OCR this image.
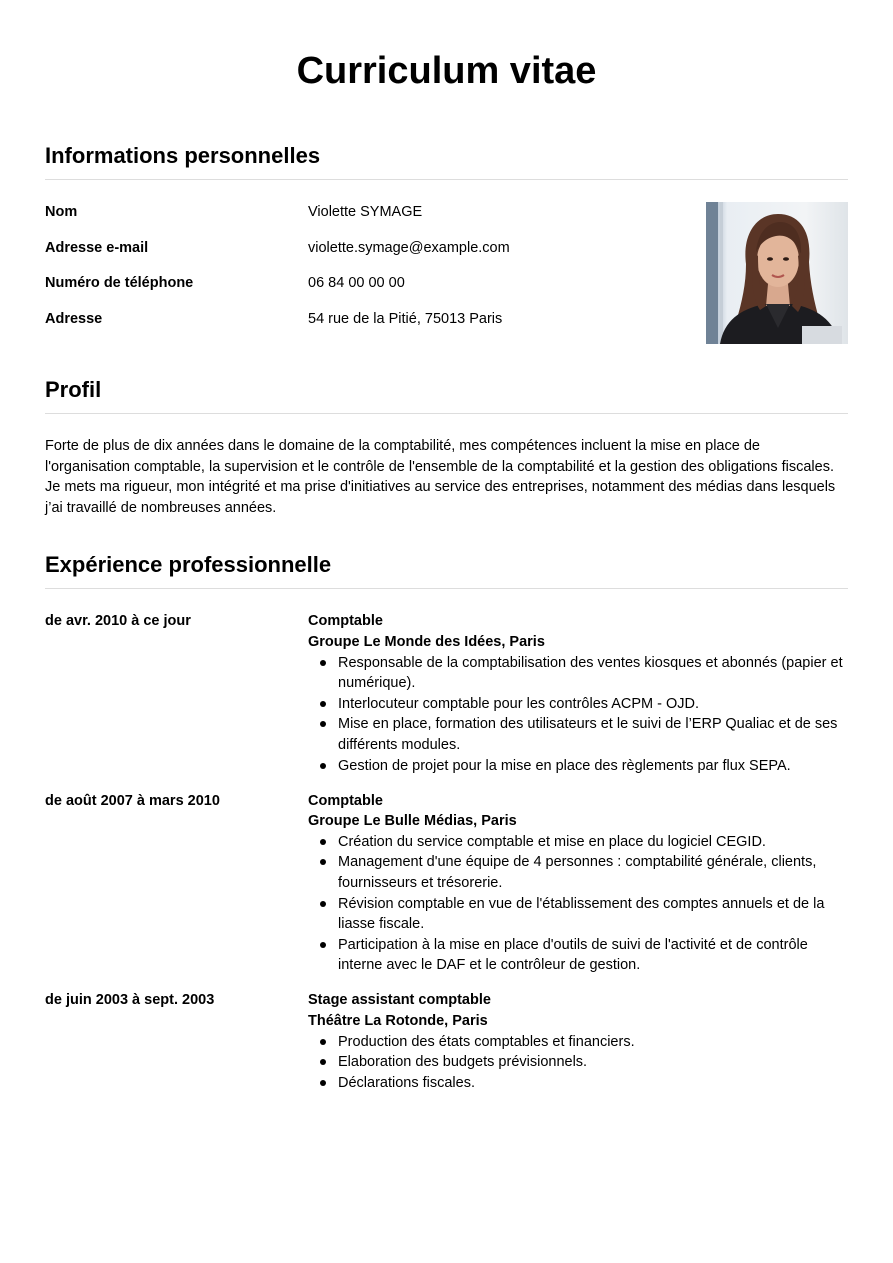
Curriculum vitae
Informations personnelles
Nom	Violette SYMAGE
Adresse e-mail	violette.symage@example.com
Numéro de téléphone	06 84 00 00 00
Adresse	54 rue de la Pitié, 75013 Paris
Profil

Forte de plus de dix années dans le domaine de la comptabilité, mes compétences incluent la mise en place de l'organisation comptable, la supervision et le contrôle de l'ensemble de la comptabilité et la gestion des obligations fiscales. Je mets ma rigueur, mon intégrité et ma prise d'initiatives au service des entreprises, notamment des médias dans lesquels j’ai travaillé de nombreuses années.

Expérience professionnelle
de avr. 2010 à ce jour	Comptable
Groupe Le Monde des Idées, Paris
Responsable de la comptabilisation des ventes kiosques et abonnés (papier et numérique).
Interlocuteur comptable pour les contrôles ACPM - OJD.
Mise en place, formation des utilisateurs et le suivi de l’ERP Qualiac et de ses différents modules.
Gestion de projet pour la mise en place des règlements par flux SEPA.
de août 2007 à mars 2010	Comptable
Groupe Le Bulle Médias, Paris
Création du service comptable et mise en place du logiciel CEGID.
Management d'une équipe de 4 personnes : comptabilité générale, clients, fournisseurs et trésorerie.
Révision comptable en vue de l'établissement des comptes annuels et de la liasse fiscale.
Participation à la mise en place d'outils de suivi de l'activité et de contrôle interne avec le DAF et le contrôleur de gestion.
de juin 2003 à sept. 2003	Stage assistant comptable
Théâtre La Rotonde, Paris
Production des états comptables et financiers.
Elaboration des budgets prévisionnels.
Déclarations fiscales.
